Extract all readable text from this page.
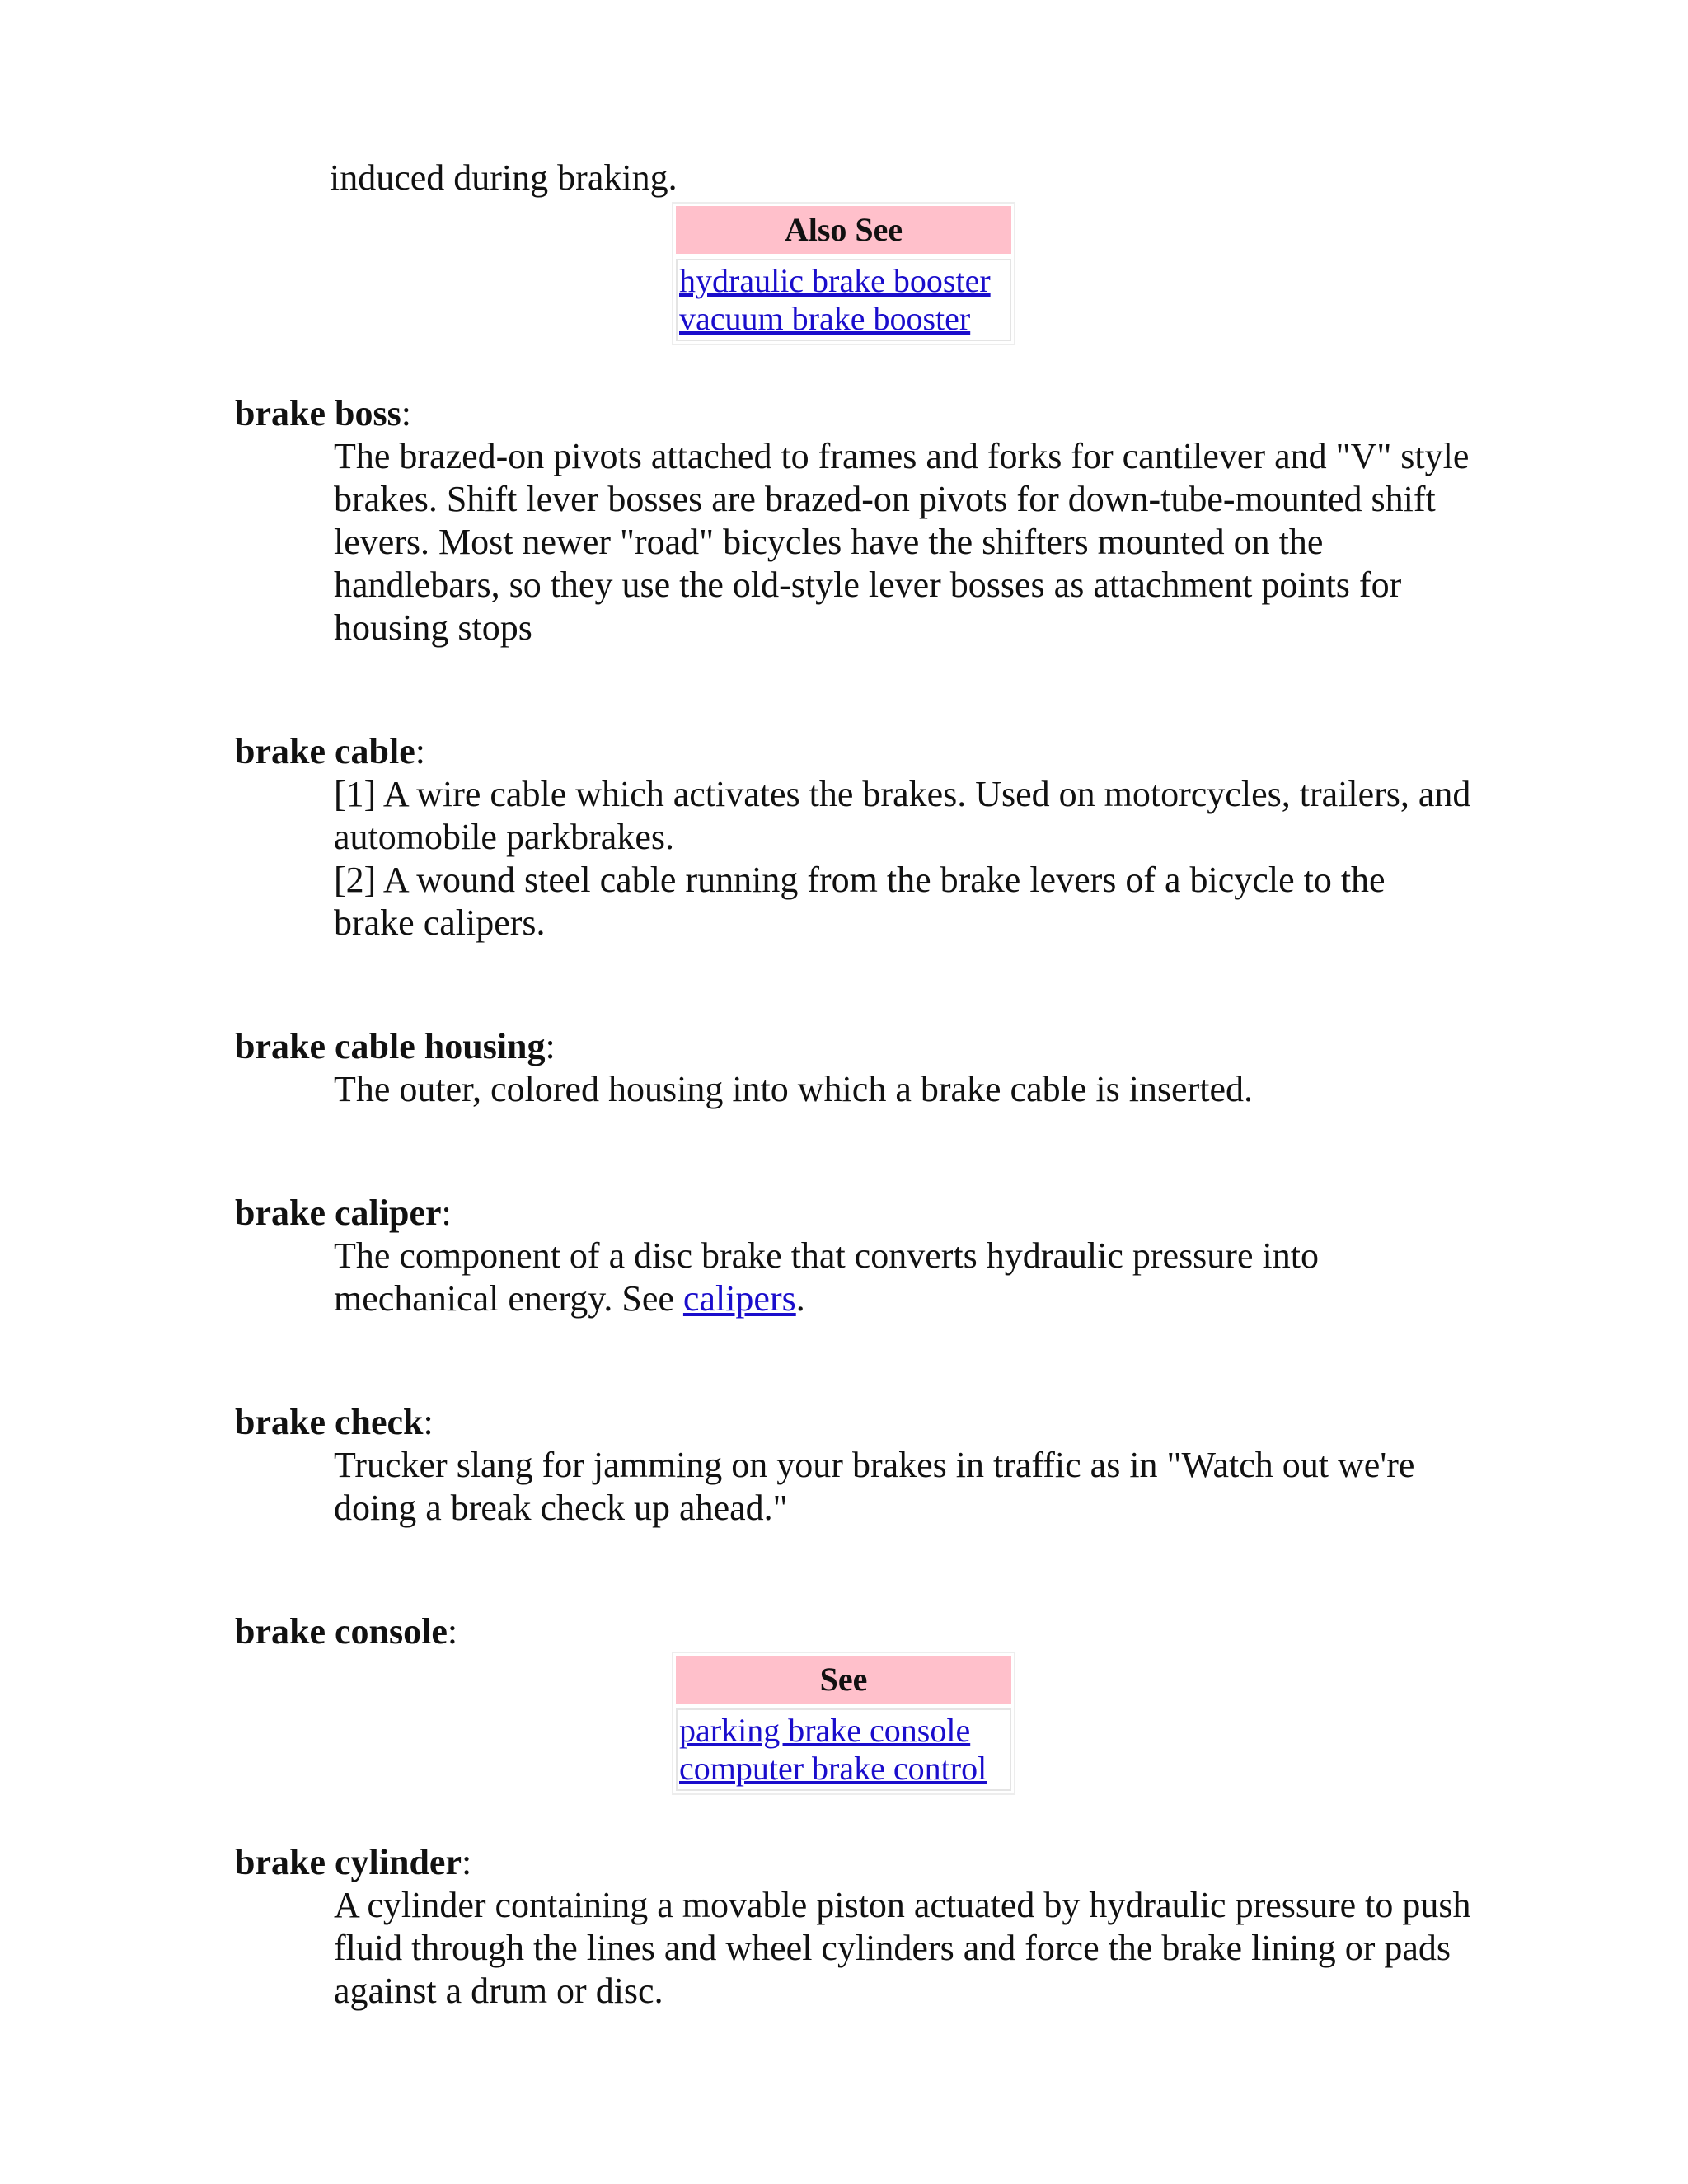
induced during braking.

Also See
hydraulic brake booster
vacuum brake booster

brake boss:

The brazed-on pivots attached to frames and forks for cantilever and "V" style brakes. Shift lever bosses are brazed-on pivots for down-tube-mounted shift levers. Most newer "road" bicycles have the shifters mounted on the handlebars, so they use the old-style lever bosses as attachment points for housing stops

brake cable:

[1] A wire cable which activates the brakes. Used on motorcycles, trailers, and automobile parkbrakes.

[2] A wound steel cable running from the brake levers of a bicycle to the brake calipers.

brake cable housing:

The outer, colored housing into which a brake cable is inserted.

brake caliper:

The component of a disc brake that converts hydraulic pressure into mechanical energy. See calipers.

brake check:

Trucker slang for jamming on your brakes in traffic as in "Watch out we're doing a break check up ahead."

brake console:

See
parking brake console
computer brake control

brake cylinder:

A cylinder containing a movable piston actuated by hydraulic pressure to push fluid through the lines and wheel cylinders and force the brake lining or pads against a drum or disc.
